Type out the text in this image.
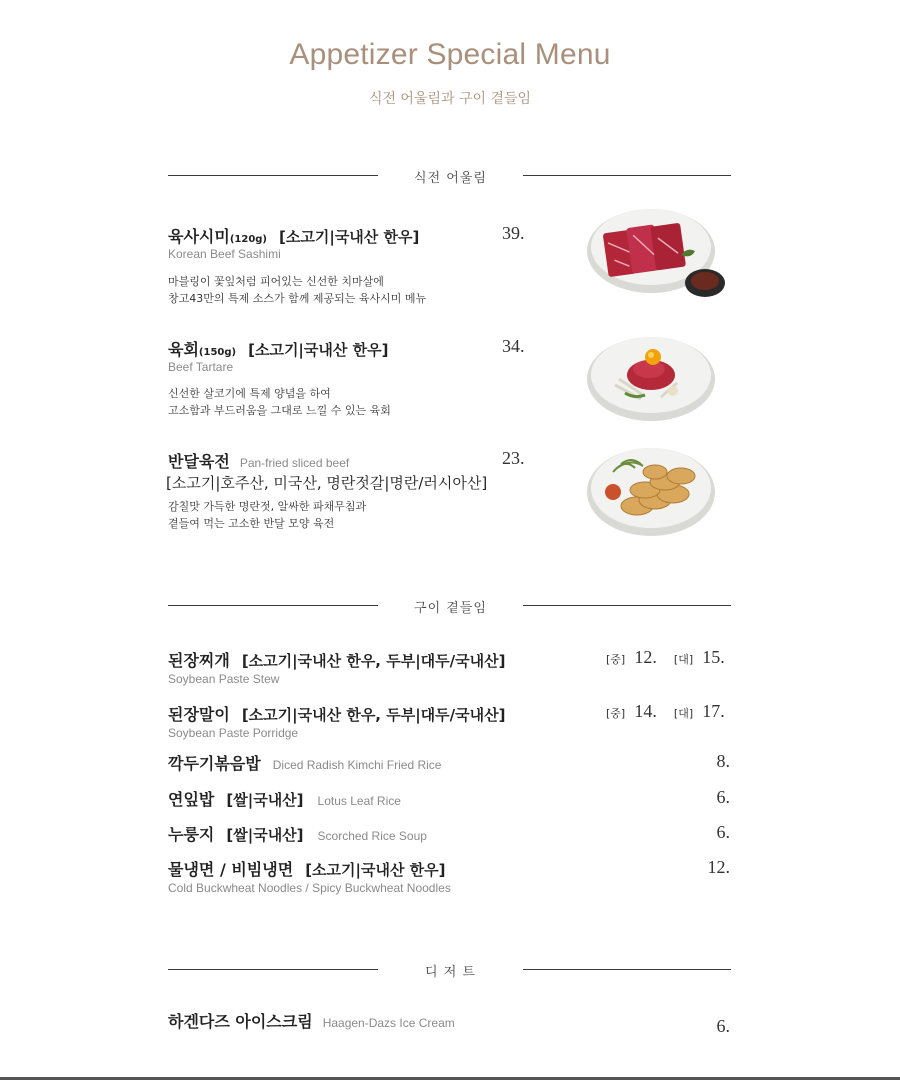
Appetizer Special Menu
식전 어울림과 구이 곁들임
식전 어울림
육사시미(120g) [소고기|국내산 한우]
Korean Beef Sashimi
마블링이 꽃잎처럼 피어있는 신선한 치마살에
창고43만의 특제 소스가 함께 제공되는 육사시미 메뉴
39.
육회(150g) [소고기|국내산 한우]
Beef Tartare
신선한 살코기에 특제 양념을 하여
고소함과 부드러움을 그대로 느낄 수 있는 육회
34.
반달육전 Pan-fried sliced beef
[소고기|호주산, 미국산, 명란젓갈|명란/러시아산]
감칠맛 가득한 명란젓, 알싸한 파채무침과
곁들여 먹는 고소한 반달 모양 육전
23.
구이 곁들임
된장찌개 [소고기|국내산 한우, 두부|대두/국내산]
Soybean Paste Stew
[중] 12. [대] 15.
된장말이 [소고기|국내산 한우, 두부|대두/국내산]
Soybean Paste Porridge
[중] 14. [대] 17.
깍두기볶음밥 Diced Radish Kimchi Fried Rice	8.
연잎밥 [쌀|국내산] Lotus Leaf Rice	6.
누룽지 [쌀|국내산] Scorched Rice Soup	6.
물냉면 / 비빔냉면 [소고기|국내산 한우]
Cold Buckwheat Noodles / Spicy Buckwheat Noodles
12.
디 저 트
하겐다즈 아이스크림 Haagen-Dazs Ice Cream	6.
